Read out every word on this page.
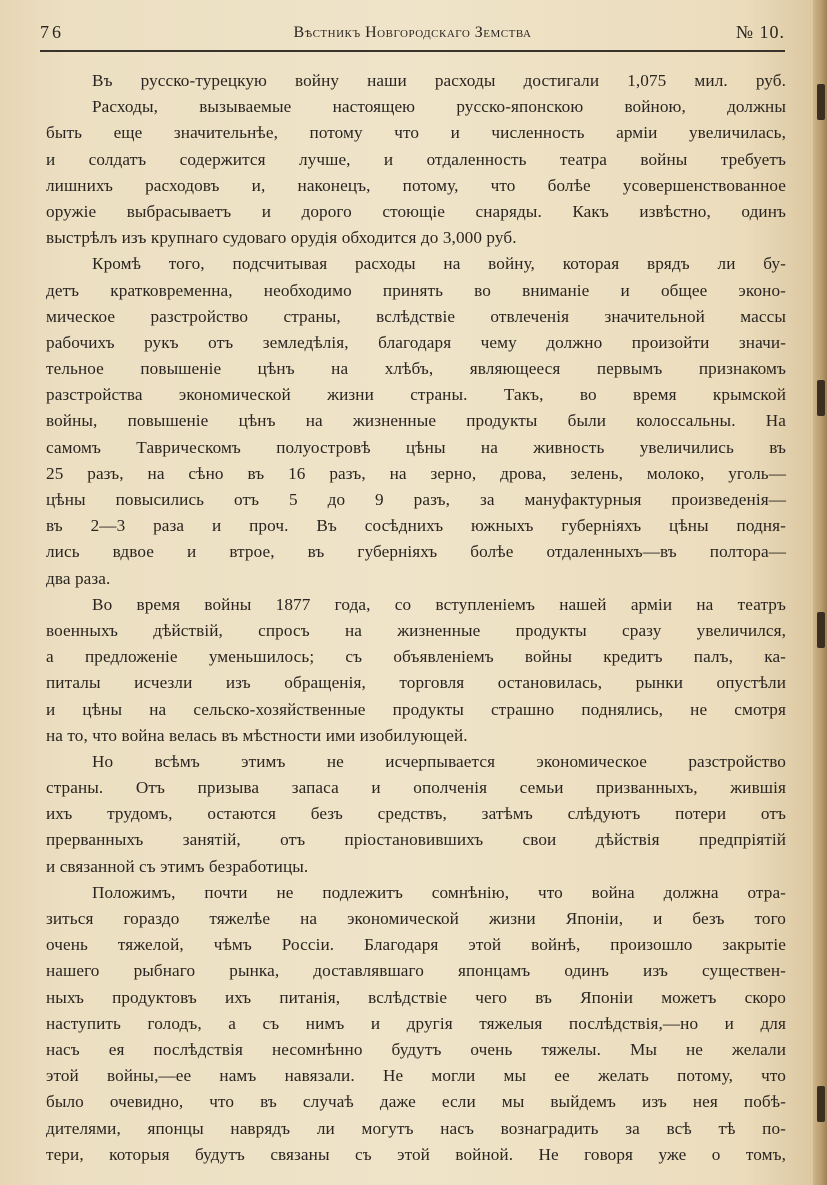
76	Вѣстникъ Новгородскаго Земства	№ 10.
Въ русско-турецкую войну наши расходы достигали 1,075 мил. руб.
Расходы, вызываемые настоящею русско-японскою войною, должны
быть еще значительнѣе, потому что и численность арміи увеличилась,
и солдатъ содержится лучше, и отдаленность театра войны требуетъ
лишнихъ расходовъ и, наконецъ, потому, что болѣе усовершенствованное
оружіе выбрасываетъ и дорого стоющіе снаряды. Какъ извѣстно, одинъ
выстрѣлъ изъ крупнаго судоваго орудія обходится до 3,000 руб.
Кромѣ того, подсчитывая расходы на войну, которая врядъ ли бу-
детъ кратковременна, необходимо принять во вниманіе и общее эконо-
мическое разстройство страны, вслѣдствіе отвлеченія значительной массы
рабочихъ рукъ отъ земледѣлія, благодаря чему должно произойти значи-
тельное повышеніе цѣнъ на хлѣбъ, являющееся первымъ признакомъ
разстройства экономической жизни страны. Такъ, во время крымской
войны, повышеніе цѣнъ на жизненные продукты были колоссальны. На
самомъ Таврическомъ полуостровѣ цѣны на живность увеличились въ
25 разъ, на сѣно въ 16 разъ, на зерно, дрова, зелень, молоко, уголь—
цѣны повысились отъ 5 до 9 разъ, за мануфактурныя произведенія—
въ 2—3 раза и проч. Въ сосѣднихъ южныхъ губерніяхъ цѣны подня-
лись вдвое и втрое, въ губерніяхъ болѣе отдаленныхъ—въ полтора—
два раза.
Во время войны 1877 года, со вступленіемъ нашей арміи на театръ
военныхъ дѣйствій, спросъ на жизненные продукты сразу увеличился,
а предложеніе уменьшилось; съ объявленіемъ войны кредитъ палъ, ка-
питалы исчезли изъ обращенія, торговля остановилась, рынки опустѣли
и цѣны на сельско-хозяйственные продукты страшно поднялись, не смотря
на то, что война велась въ мѣстности ими изобилующей.
Но всѣмъ этимъ не исчерпывается экономическое разстройство
страны. Отъ призыва запаса и ополченія семьи призванныхъ, жившія
ихъ трудомъ, остаются безъ средствъ, затѣмъ слѣдуютъ потери отъ
прерванныхъ занятій, отъ пріостановившихъ свои дѣйствія предпріятій
и связанной съ этимъ безработицы.
Положимъ, почти не подлежитъ сомнѣнію, что война должна отра-
зиться гораздо тяжелѣе на экономической жизни Японіи, и безъ того
очень тяжелой, чѣмъ Россіи. Благодаря этой войнѣ, произошло закрытіе
нашего рыбнаго рынка, доставлявшаго японцамъ одинъ изъ существен-
ныхъ продуктовъ ихъ питанія, вслѣдствіе чего въ Японіи можетъ скоро
наступить голодъ, а съ нимъ и другія тяжелыя послѣдствія,—но и для
насъ ея послѣдствія несомнѣнно будутъ очень тяжелы. Мы не желали
этой войны,—ее намъ навязали. Не могли мы ее желать потому, что
было очевидно, что въ случаѣ даже если мы выйдемъ изъ нея побѣ-
дителями, японцы наврядъ ли могутъ насъ вознаградить за всѣ тѣ по-
тери, которыя будутъ связаны съ этой войной. Не говоря уже о томъ,
